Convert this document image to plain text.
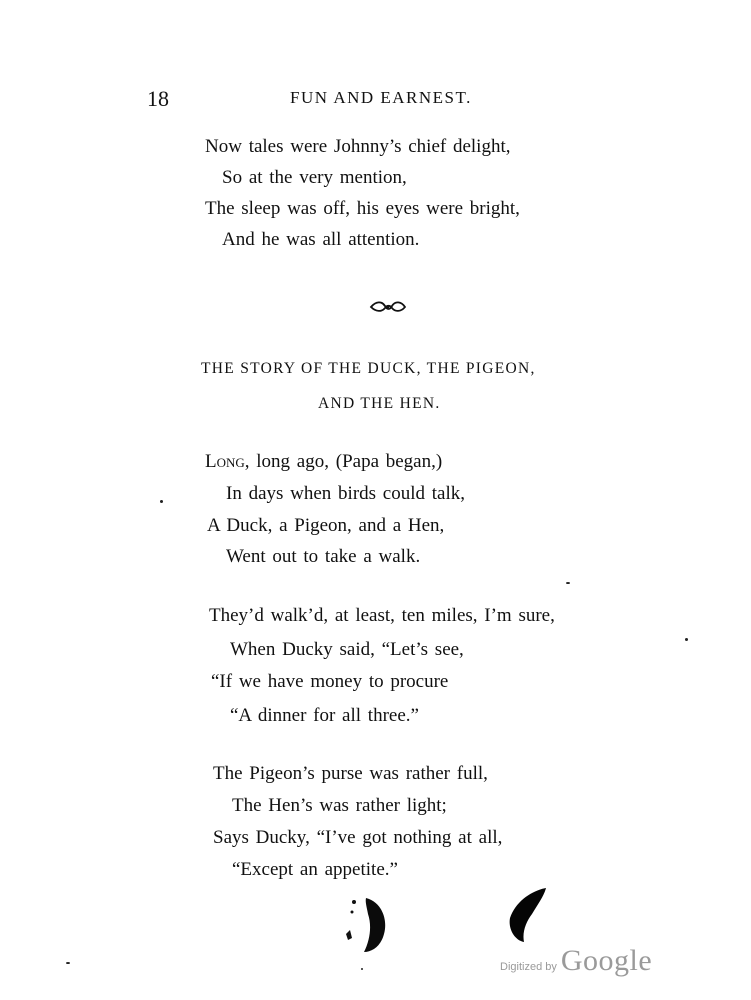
18	FUN AND EARNEST.
Now tales were Johnny’s chief delight,
So at the very mention,
The sleep was off, his eyes were bright,
And he was all attention.
THE STORY OF THE DUCK, THE PIGEON,
AND THE HEN.
Long, long ago, (Papa began,)
In days when birds could talk,
A Duck, a Pigeon, and a Hen,
Went out to take a walk.
They’d walk’d, at least, ten miles, I’m sure,
When Ducky said, “Let’s see,
“If we have money to procure
“A dinner for all three.”
The Pigeon’s purse was rather full,
The Hen’s was rather light;
Says Ducky, “I’ve got nothing at all,
“Except an appetite.”
Digitized by Google
